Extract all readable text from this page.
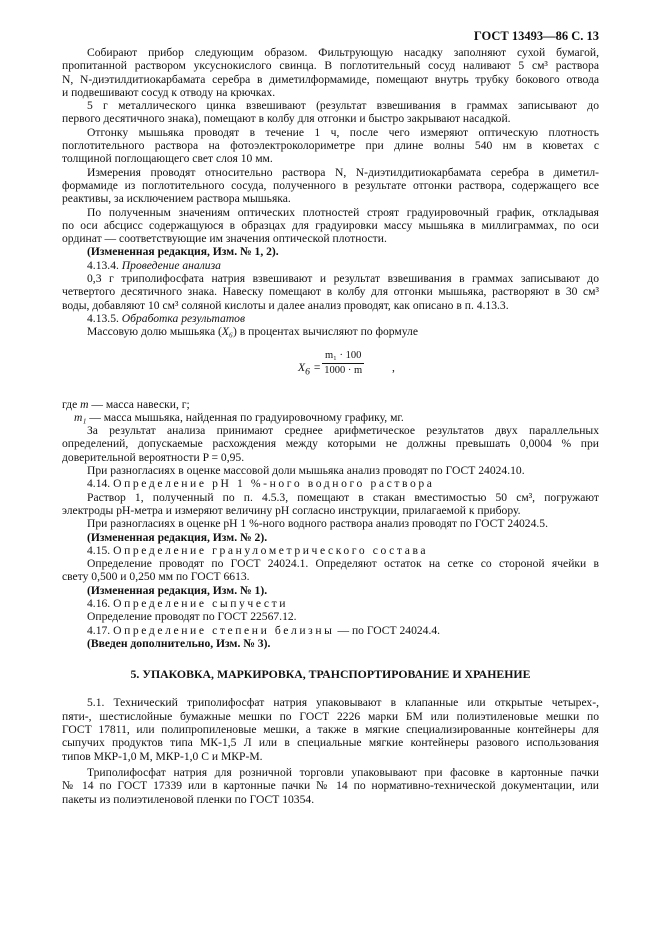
ГОСТ 13493—86 С. 13
Собирают прибор следующим образом. Фильтрующую насадку заполняют сухой бумагой,
пропитанной раствором уксуснокислого свинца. В поглотительный сосуд наливают 5 см³ раствора
N, N-диэтилдитиокарбамата серебра в диметилформамиде, помещают внутрь трубку бокового отвода
и подвешивают сосуд к отводу на крючках.
5 г металлического цинка взвешивают (результат взвешивания в граммах записывают до
первого десятичного знака), помещают в колбу для отгонки и быстро закрывают насадкой.
Отгонку мышьяка проводят в течение 1 ч, после чего измеряют оптическую плотность
поглотительного раствора на фотоэлектроколориметре при длине волны 540 нм в кюветах с
толщиной поглощающего свет слоя 10 мм.
Измерения проводят относительно раствора N, N-диэтилдитиокарбамата серебра в диметил-
формамиде из поглотительного сосуда, полученного в результате отгонки раствора, содержащего все
реактивы, за исключением раствора мышьяка.
По полученным значениям оптических плотностей строят градуировочный график, откладывая
по оси абсцисс содержащуюся в образцах для градуировки массу мышьяка в миллиграммах, по оси
ординат — соответствующие им значения оптической плотности.
(Измененная редакция, Изм. № 1, 2).
4.13.4. Проведение анализа
0,3 г триполифосфата натрия взвешивают и результат взвешивания в граммах записывают до
четвертого десятичного знака. Навеску помещают в колбу для отгонки мышьяка, растворяют в 30 см³
воды, добавляют 10 см³ соляной кислоты и далее анализ проводят, как описано в п. 4.13.3.
4.13.5. Обработка результатов
Массовую долю мышьяка (X₆) в процентах вычисляют по формуле
$X_6 = \frac{\text{m₁ · 100}}{1000 \cdot m}$ ,
где m — масса навески, г;
m₁ — масса мышьяка, найденная по градуировочному графику, мг.
За результат анализа принимают среднее арифметическое результатов двух параллельных
определений, допускаемые расхождения между которыми не должны превышать 0,0004 % при
доверительной вероятности P = 0,95.
При разногласиях в оценке массовой доли мышьяка анализ проводят по ГОСТ 24024.10.
4.14. Определение pH 1 %-ного водного раствора
Раствор 1, полученный по п. 4.5.3, помещают в стакан вместимостью 50 см³, погружают
электроды pH-метра и измеряют величину pH согласно инструкции, прилагаемой к прибору.
При разногласиях в оценке pH 1 %-ного водного раствора анализ проводят по ГОСТ 24024.5.
(Измененная редакция, Изм. № 2).
4.15. Определение гранулометрического состава
Определение проводят по ГОСТ 24024.1. Определяют остаток на сетке со стороной ячейки в
свету 0,500 и 0,250 мм по ГОСТ 6613.
(Измененная редакция, Изм. № 1).
4.16. Определение сыпучести
Определение проводят по ГОСТ 22567.12.
4.17. Определение степени белизны — по ГОСТ 24024.4.
(Введен дополнительно, Изм. № 3).
5. УПАКОВКА, МАРКИРОВКА, ТРАНСПОРТИРОВАНИЕ И ХРАНЕНИЕ
5.1. Технический триполифосфат натрия упаковывают в клапанные или открытые четырех-,
пяти-, шестислойные бумажные мешки по ГОСТ 2226 марки БМ или полиэтиленовые мешки по
ГОСТ 17811, или полипропиленовые мешки, а также в мягкие специализированные контейнеры для
сыпучих продуктов типа МК-1,5 Л или в специальные мягкие контейнеры разового использования
типов МКР-1,0 М, МКР-1,0 С и МКР-М.
Триполифосфат натрия для розничной торговли упаковывают при фасовке в картонные пачки
№ 14 по ГОСТ 17339 или в картонные пачки № 14 по нормативно-технической документации, или
пакеты из полиэтиленовой пленки по ГОСТ 10354.
